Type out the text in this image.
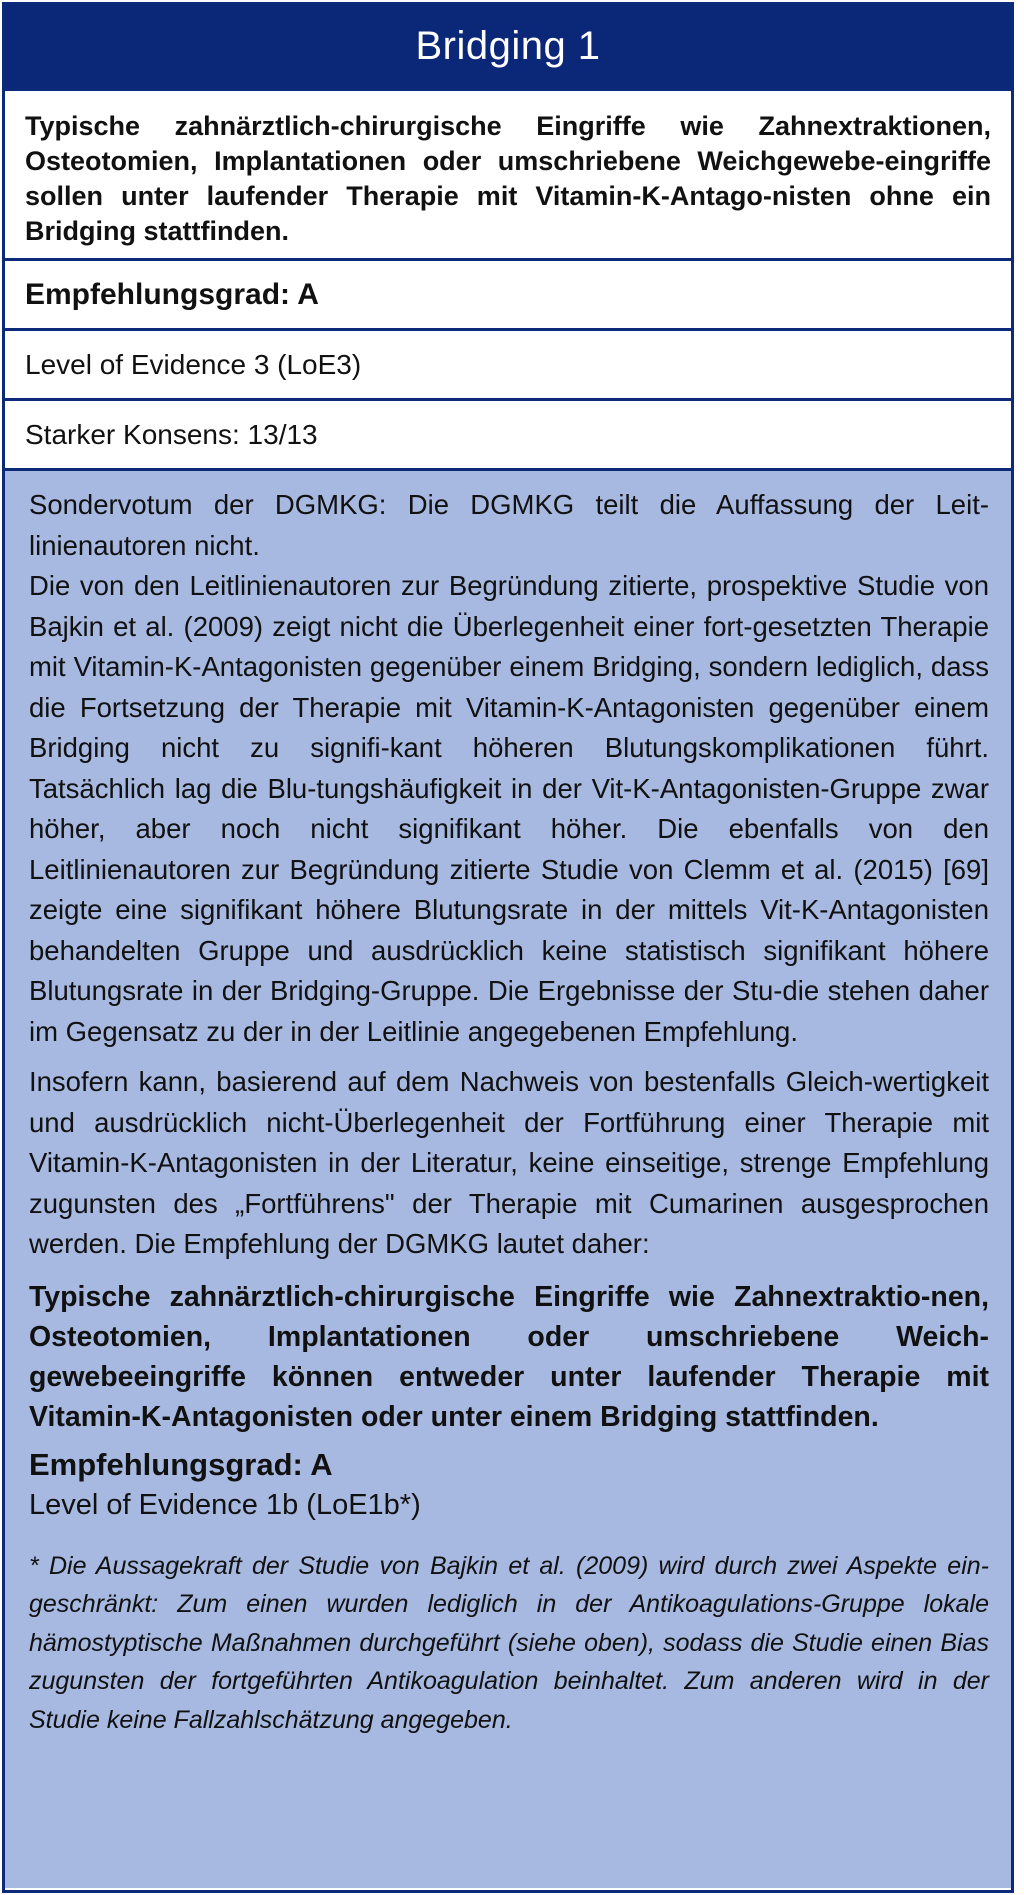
Bridging 1
Typische zahnärztlich-chirurgische Eingriffe wie Zahnextraktionen, Osteotomien, Implantationen oder umschriebene Weichgewebe-eingriffe sollen unter laufender Therapie mit Vitamin-K-Antago-nisten ohne ein Bridging stattfinden.
Empfehlungsgrad: A
Level of Evidence 3 (LoE3)
Starker Konsens: 13/13

Sondervotum der DGMKG: Die DGMKG teilt die Auffassung der Leit-linienautoren nicht.

Die von den Leitlinienautoren zur Begründung zitierte, prospektive Studie von Bajkin et al. (2009) zeigt nicht die Überlegenheit einer fort-gesetzten Therapie mit Vitamin-K-Antagonisten gegenüber einem Bridging, sondern lediglich, dass die Fortsetzung der Therapie mit Vitamin-K-Antagonisten gegenüber einem Bridging nicht zu signifi-kant höheren Blutungskomplikationen führt. Tatsächlich lag die Blu-tungshäufigkeit in der Vit-K-Antagonisten-Gruppe zwar höher, aber noch nicht signifikant höher. Die ebenfalls von den Leitlinienautoren zur Begründung zitierte Studie von Clemm et al. (2015) [69] zeigte eine signifikant höhere Blutungsrate in der mittels Vit-K-Antagonisten behandelten Gruppe und ausdrücklich keine statistisch signifikant höhere Blutungsrate in der Bridging-Gruppe. Die Ergebnisse der Stu-die stehen daher im Gegensatz zu der in der Leitlinie angegebenen Empfehlung.

Insofern kann, basierend auf dem Nachweis von bestenfalls Gleich-wertigkeit und ausdrücklich nicht-Überlegenheit der Fortführung einer Therapie mit Vitamin-K-Antagonisten in der Literatur, keine einseitige, strenge Empfehlung zugunsten des „Fortführens" der Therapie mit Cumarinen ausgesprochen werden. Die Empfehlung der DGMKG lautet daher:

Typische zahnärztlich-chirurgische Eingriffe wie Zahnextraktio-nen, Osteotomien, Implantationen oder umschriebene Weich-gewebeeingriffe können entweder unter laufender Therapie mit Vitamin-K-Antagonisten oder unter einem Bridging stattfinden.

Empfehlungsgrad: A

Level of Evidence 1b (LoE1b*)

* Die Aussagekraft der Studie von Bajkin et al. (2009) wird durch zwei Aspekte ein-geschränkt: Zum einen wurden lediglich in der Antikoagulations-Gruppe lokale hämostyptische Maßnahmen durchgeführt (siehe oben), sodass die Studie einen Bias zugunsten der fortgeführten Antikoagulation beinhaltet. Zum anderen wird in der Studie keine Fallzahlschätzung angegeben.
